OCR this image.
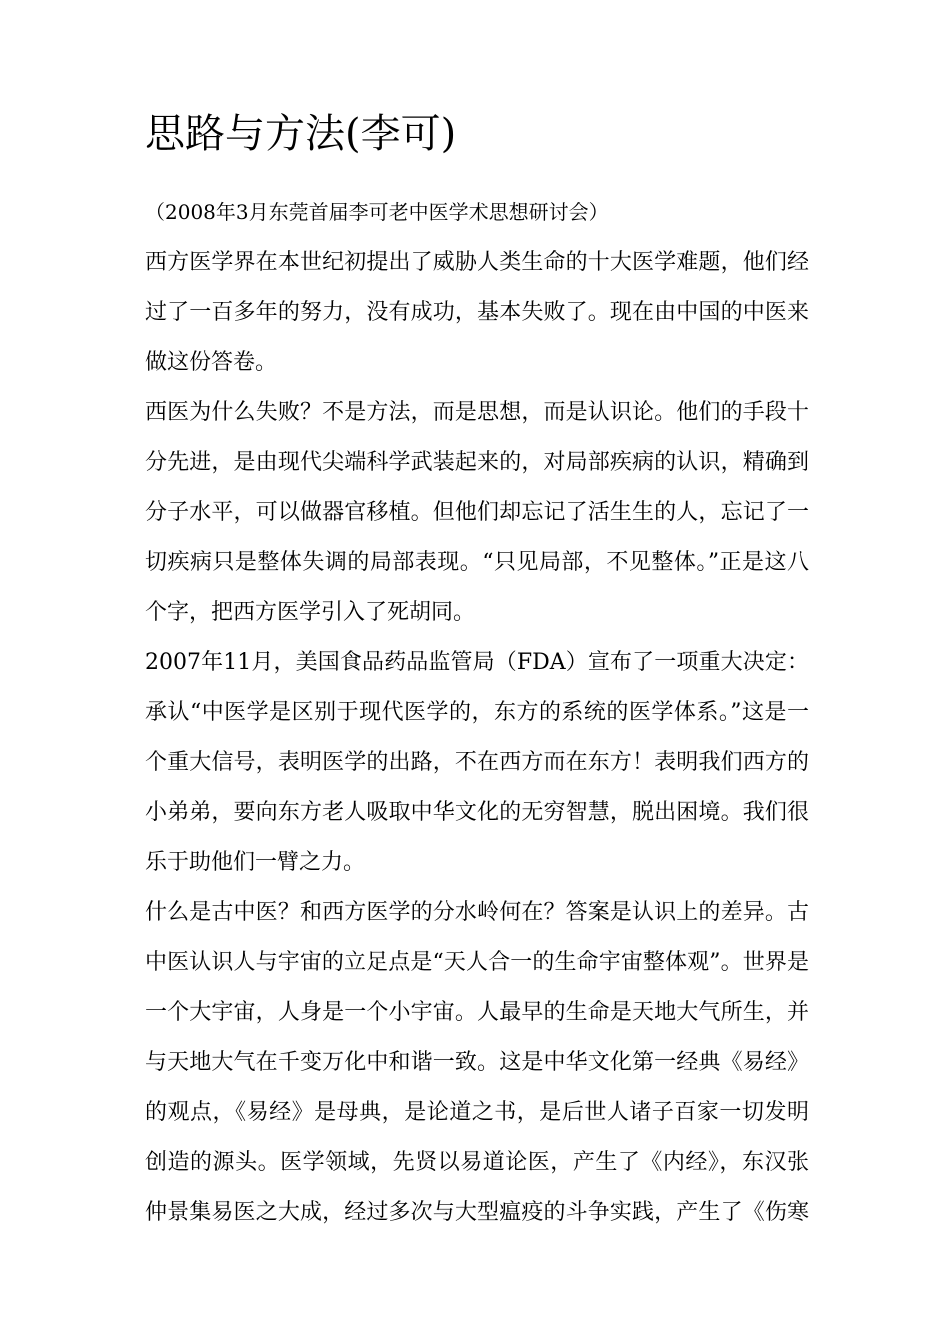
思路与方法(李可)
（2008年3月东莞首届李可老中医学术思想研讨会）
西方医学界在本世纪初提出了威胁人类生命的十大医学难题，他们经
过了一百多年的努力，没有成功，基本失败了。现在由中国的中医来
做这份答卷。
西医为什么失败？不是方法，而是思想，而是认识论。他们的手段十
分先进，是由现代尖端科学武装起来的，对局部疾病的认识，精确到
分子水平，可以做器官移植。但他们却忘记了活生生的人，忘记了一
切疾病只是整体失调的局部表现。“只见局部，不见整体。”正是这八
个字，把西方医学引入了死胡同。
2007年11月，美国食品药品监管局（FDA）宣布了一项重大决定：
承认“中医学是区别于现代医学的，东方的系统的医学体系。”这是一
个重大信号，表明医学的出路，不在西方而在东方！表明我们西方的
小弟弟，要向东方老人吸取中华文化的无穷智慧，脱出困境。我们很
乐于助他们一臂之力。
什么是古中医？和西方医学的分水岭何在？答案是认识上的差异。古
中医认识人与宇宙的立足点是“天人合一的生命宇宙整体观”。世界是
一个大宇宙，人身是一个小宇宙。人最早的生命是天地大气所生，并
与天地大气在千变万化中和谐一致。这是中华文化第一经典《易经》
的观点，《易经》是母典，是论道之书，是后世人诸子百家一切发明
创造的源头。医学领域，先贤以易道论医，产生了《内经》，东汉张
仲景集易医之大成，经过多次与大型瘟疫的斗争实践，产生了《伤寒
